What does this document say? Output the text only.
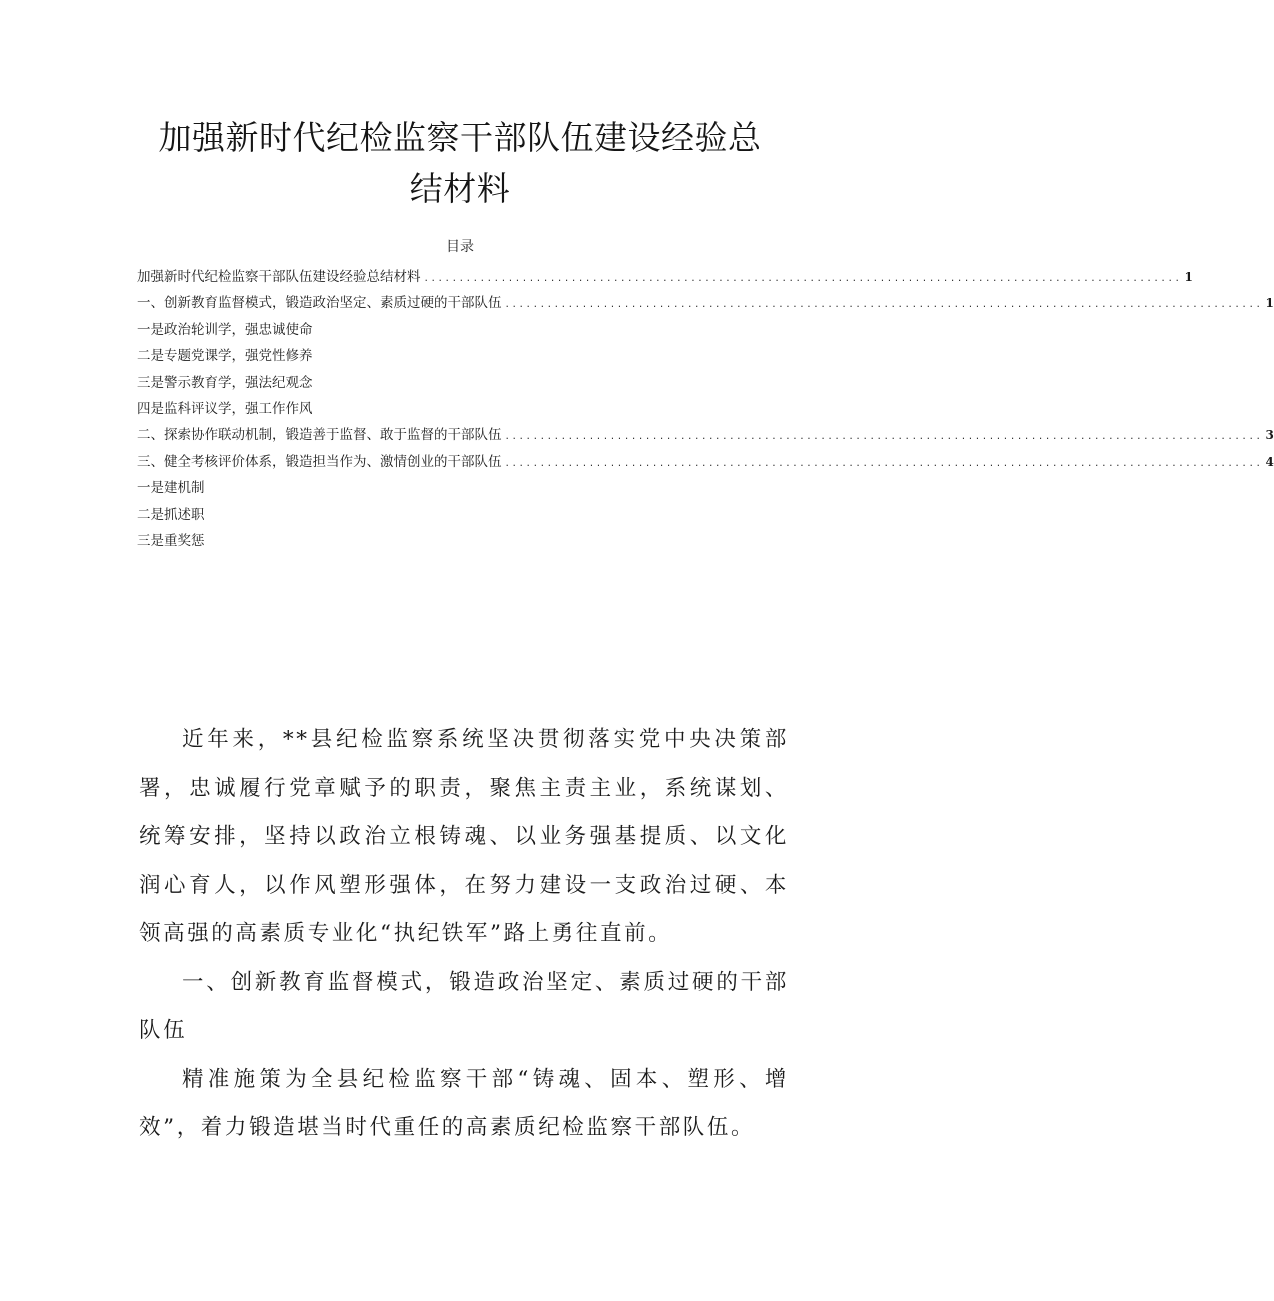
加强新时代纪检监察干部队伍建设经验总
结材料
目录
加强新时代纪检监察干部队伍建设经验总结材料 ............................................................................................................ 1
一、创新教育监督模式，锻造政治坚定、素质过硬的干部队伍 ............................................................................................................ 1
一是政治轮训学，强忠诚使命
二是专题党课学，强党性修养
三是警示教育学，强法纪观念
四是监科评议学，强工作作风
二、探索协作联动机制，锻造善于监督、敢于监督的干部队伍 ............................................................................................................ 3
三、健全考核评价体系，锻造担当作为、激情创业的干部队伍 ............................................................................................................ 4
一是建机制
二是抓述职
三是重奖惩

近年来，**县纪检监察系统坚决贯彻落实党中央决策部署，忠诚履行党章赋予的职责，聚焦主责主业，系统谋划、统筹安排，坚持以政治立根铸魂、以业务强基提质、以文化润心育人，以作风塑形强体，在努力建设一支政治过硬、本领高强的高素质专业化“执纪铁军”路上勇往直前。

一、创新教育监督模式，锻造政治坚定、素质过硬的干部队伍

精准施策为全县纪检监察干部“铸魂、固本、塑形、增效”，着力锻造堪当时代重任的高素质纪检监察干部队伍。
